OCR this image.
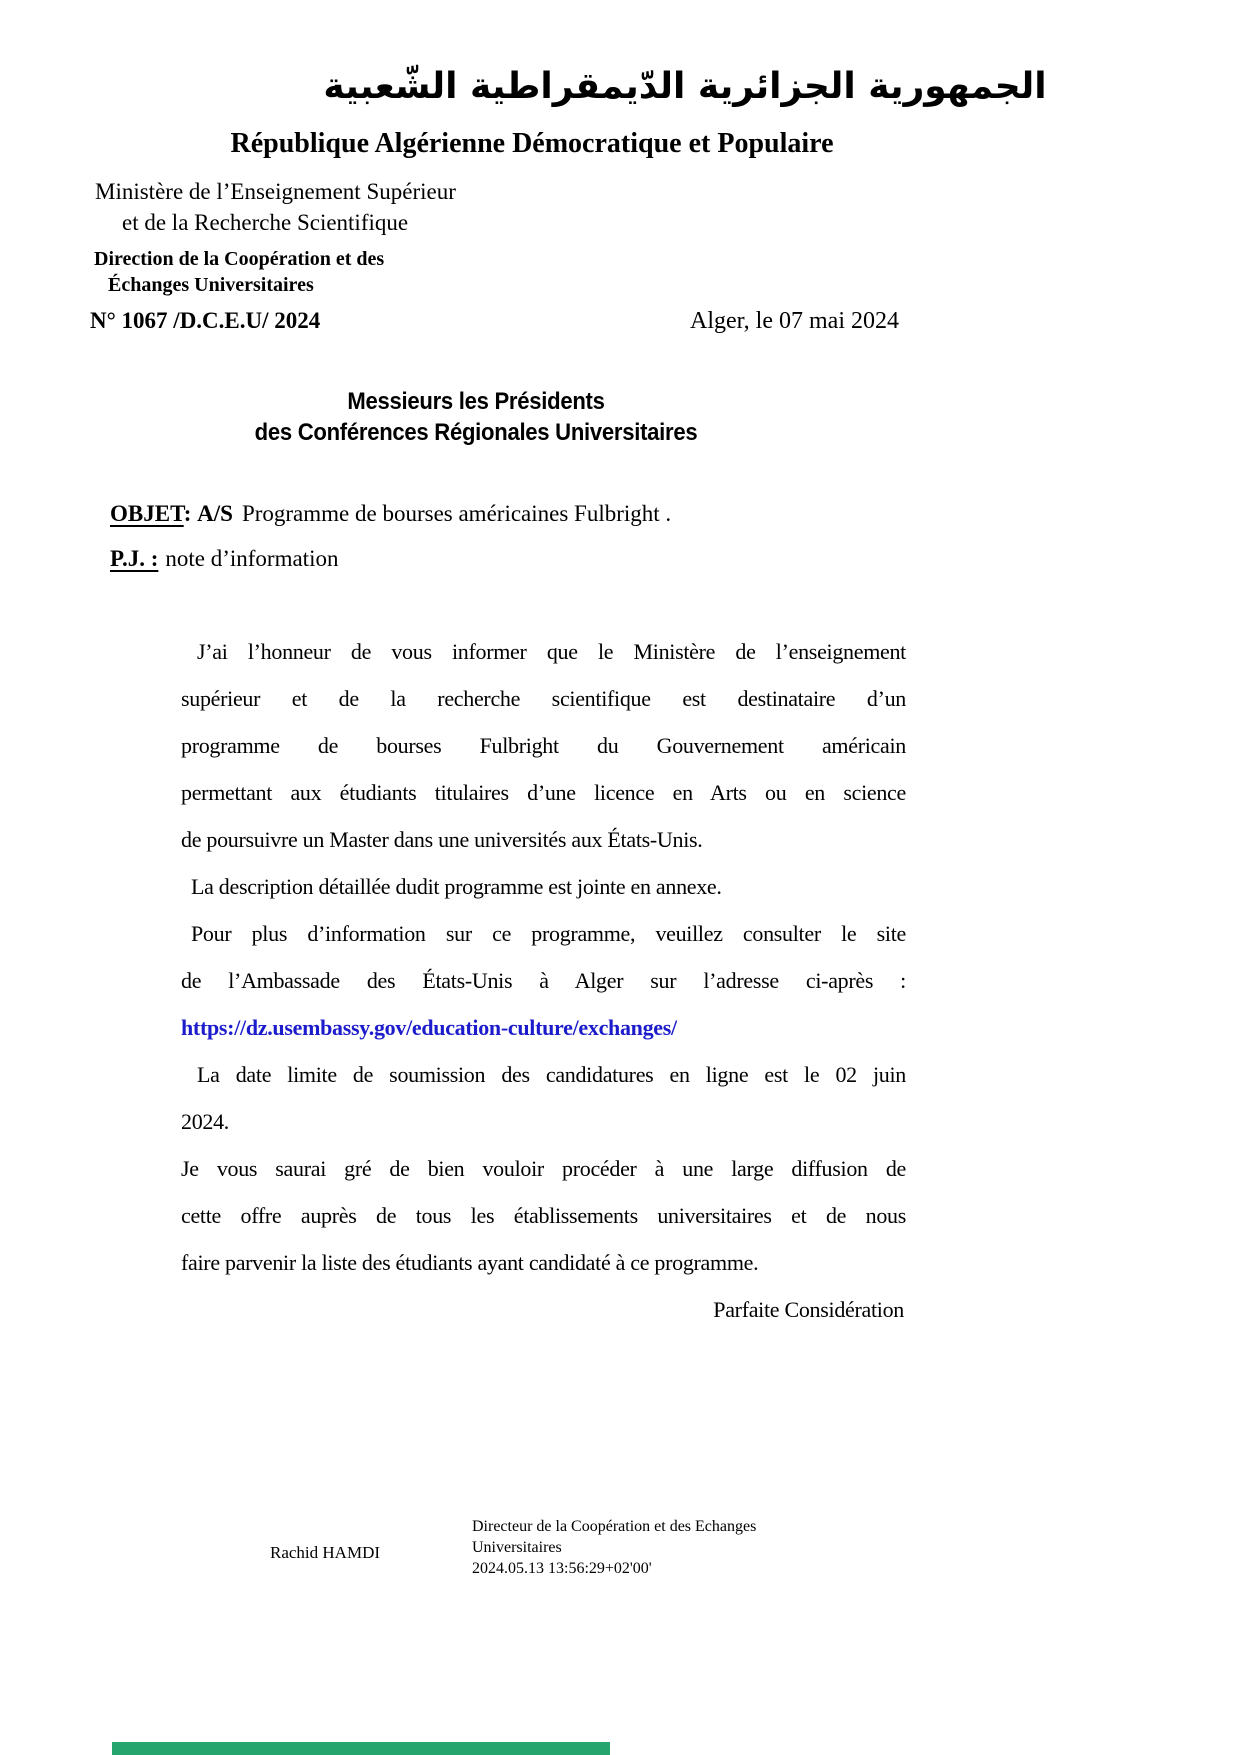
الجمهورية الجزائرية الدّيمقراطية الشّعبية
République Algérienne Démocratique et Populaire
Ministère de l’Enseignement Supérieur
et de la Recherche Scientifique
Direction de la Coopération et des
Échanges Universitaires
N° 1067 /D.C.E.U/ 2024	Alger, le 07 mai 2024
Messieurs les Présidents
des Conférences Régionales Universitaires
OBJET: A/S Programme de bourses américaines Fulbright .
P.J. : note d’information
J’ai l’honneur de vous informer que le Ministère de l’enseignement
supérieur et de la recherche scientifique est destinataire d’un
programme de bourses Fulbright du Gouvernement américain
permettant aux étudiants titulaires d’une licence en Arts ou en science
de poursuivre un Master dans une universités aux États-Unis.
La description détaillée dudit programme est jointe en annexe.
Pour plus d’information sur ce programme, veuillez consulter le site
de l’Ambassade des États-Unis à Alger sur l’adresse ci-après :
https://dz.usembassy.gov/education-culture/exchanges/
La date limite de soumission des candidatures en ligne est le 02 juin
2024.
Je vous saurai gré de bien vouloir procéder à une large diffusion de
cette offre auprès de tous les établissements universitaires et de nous
faire parvenir la liste des étudiants ayant candidaté à ce programme.
Parfaite Considération
Rachid HAMDI
Directeur de la Coopération et des Echanges
Universitaires
2024.05.13 13:56:29+02'00'
